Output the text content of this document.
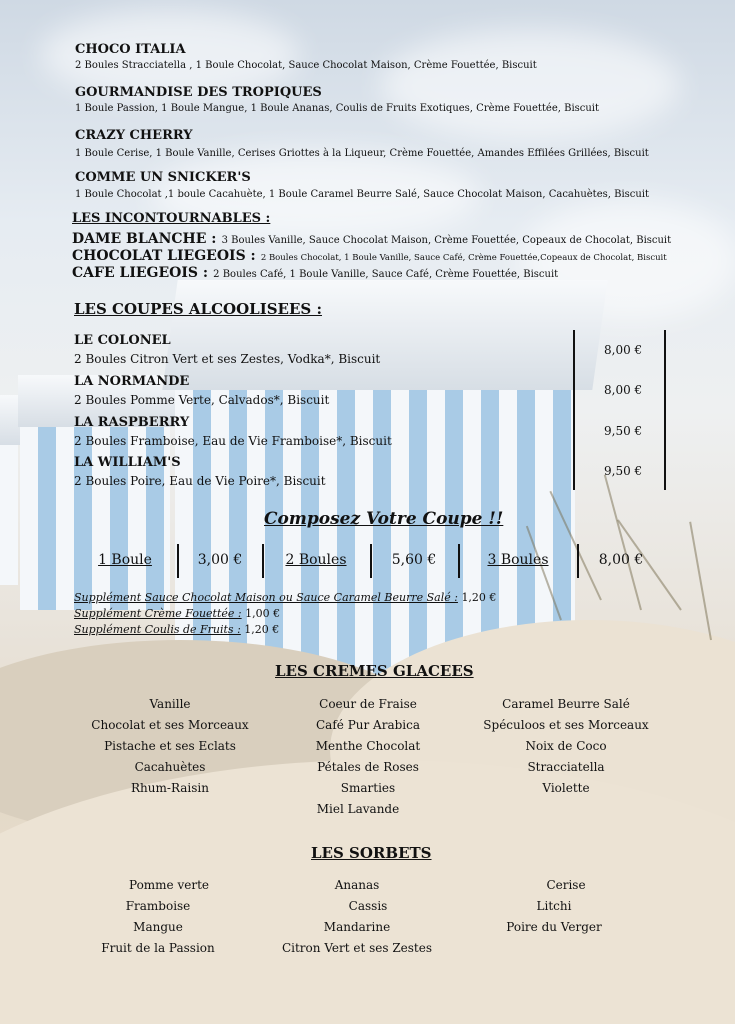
CHOCO ITALIA
2 Boules Stracciatella , 1 Boule Chocolat, Sauce Chocolat Maison, Crème Fouettée, Biscuit
GOURMANDISE DES TROPIQUES
1 Boule Passion, 1 Boule Mangue, 1 Boule Ananas, Coulis de Fruits Exotiques, Crème Fouettée, Biscuit
CRAZY CHERRY
1 Boule Cerise, 1 Boule Vanille, Cerises Griottes à la Liqueur, Crème Fouettée, Amandes Effilées Grillées, Biscuit
COMME UN SNICKER'S
1 Boule Chocolat ,1 boule Cacahuète, 1 Boule Caramel Beurre Salé, Sauce Chocolat Maison, Cacahuètes, Biscuit
LES INCONTOURNABLES :
DAME BLANCHE : 3 Boules Vanille, Sauce Chocolat Maison, Crème Fouettée, Copeaux de Chocolat, Biscuit
CHOCOLAT LIEGEOIS : 2 Boules Chocolat, 1 Boule Vanille, Sauce Café, Crème Fouettée,Copeaux de Chocolat, Biscuit
CAFE LIEGEOIS : 2 Boules Café, 1 Boule Vanille, Sauce Café, Crème Fouettée, Biscuit
LES COUPES ALCOOLISEES :
LE COLONEL
2 Boules Citron Vert et ses Zestes, Vodka*, Biscuit
8,00 €
LA NORMANDE
2 Boules Pomme Verte, Calvados*, Biscuit
8,00 €
LA RASPBERRY
2 Boules Framboise, Eau de Vie Framboise*, Biscuit
9,50 €
LA WILLIAM'S
2 Boules Poire, Eau de Vie Poire*, Biscuit
9,50 €
Composez Votre Coupe !!
1 Boule	3,00 €	2 Boules	5,60 €	3 Boules	8,00 €
Supplément Sauce Chocolat Maison ou Sauce Caramel Beurre Salé : 1,20 €
Supplément Crème Fouettée : 1,00 €
Supplément Coulis de Fruits : 1,20 €
LES CREMES GLACEES
Vanille
Chocolat et ses Morceaux
Pistache et ses Eclats
Cacahuètes
Rhum-Raisin
Coeur de Fraise
Café Pur Arabica
Menthe Chocolat
Pétales de Roses
Smarties
Miel Lavande
Caramel Beurre Salé
Spéculoos et ses Morceaux
Noix de Coco
Stracciatella
Violette
LES SORBETS
Pomme verte
Framboise
Mangue
Fruit de la Passion
Ananas
Cassis
Mandarine
Citron Vert et ses Zestes
Cerise
Litchi
Poire du Verger
